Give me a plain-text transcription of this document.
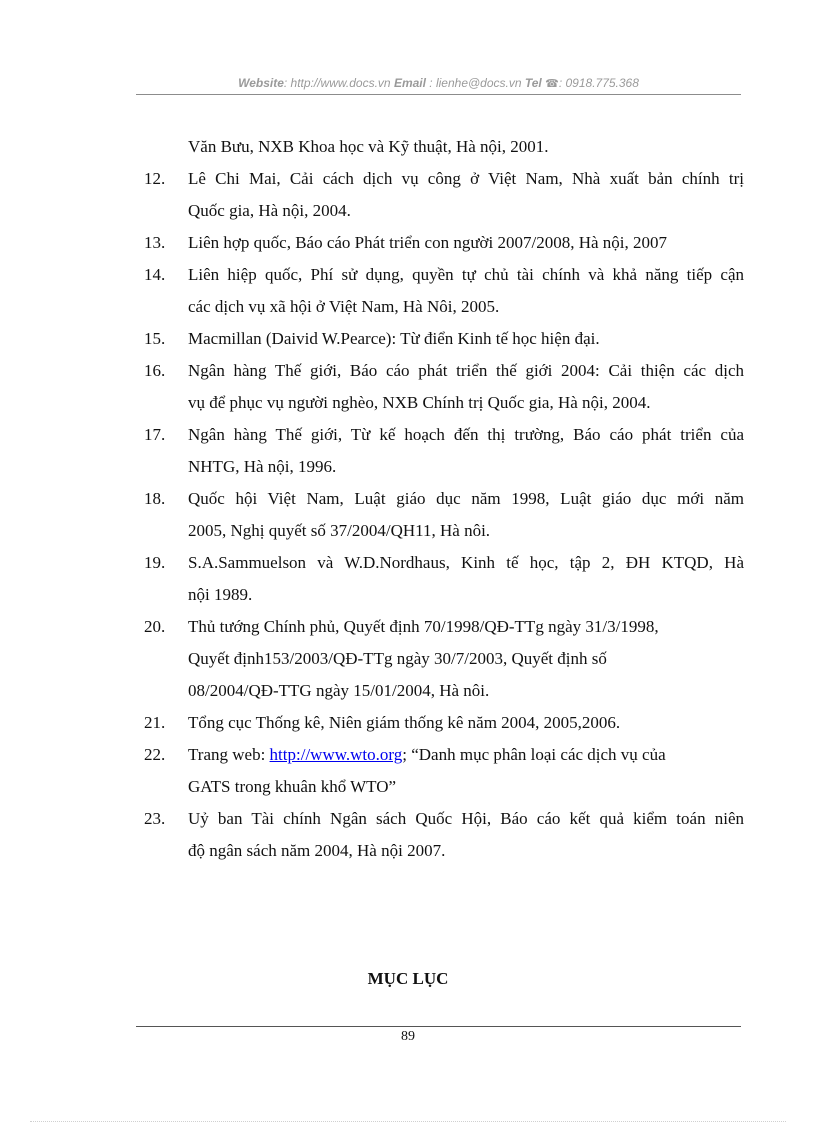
Website: http://www.docs.vn Email : lienhe@docs.vn Tel ☎: 0918.775.368
Văn Bưu, NXB Khoa học và Kỹ thuật, Hà nội, 2001.
12.	Lê Chi Mai, Cải cách dịch vụ công ở Việt Nam, Nhà xuất bản chính trị
Quốc gia, Hà nội, 2004.
13.	Liên hợp quốc, Báo cáo Phát triển con người 2007/2008, Hà nội, 2007
14.	Liên hiệp quốc, Phí sử dụng, quyền tự chủ tài chính và khả năng tiếp cận
các dịch vụ xã hội ở Việt Nam, Hà Nôi, 2005.
15.	Macmillan (Daivid W.Pearce): Từ điển Kinh tế học hiện đại.
16.	Ngân hàng Thế giới, Báo cáo phát triển thế giới 2004: Cải thiện các dịch
vụ để phục vụ người nghèo, NXB Chính trị Quốc gia, Hà nội, 2004.
17.	Ngân hàng Thế giới, Từ kế hoạch đến thị trường, Báo cáo phát triển của
NHTG, Hà nội, 1996.
18.	Quốc hội Việt Nam, Luật giáo dục năm 1998, Luật giáo dục mới năm
2005, Nghị quyết số 37/2004/QH11, Hà nôi.
19.	S.A.Sammuelson và W.D.Nordhaus, Kinh tế học, tập 2, ĐH KTQD, Hà
nội 1989.
20.	Thủ tướng Chính phủ, Quyết định 70/1998/QĐ-TTg ngày 31/3/1998,
Quyết định153/2003/QĐ-TTg ngày 30/7/2003, Quyết định số
08/2004/QĐ-TTG ngày 15/01/2004, Hà nôi.
21.	Tổng cục Thống kê, Niên giám thống kê năm 2004, 2005,2006.
22.	Trang web: http://www.wto.org; “Danh mục phân loại các dịch vụ của
GATS trong khuân khổ WTO”
23.	Uỷ ban Tài chính Ngân sách Quốc Hội, Báo cáo kết quả kiểm toán niên
độ ngân sách năm 2004, Hà nội 2007.
MỤC LỤC
89
